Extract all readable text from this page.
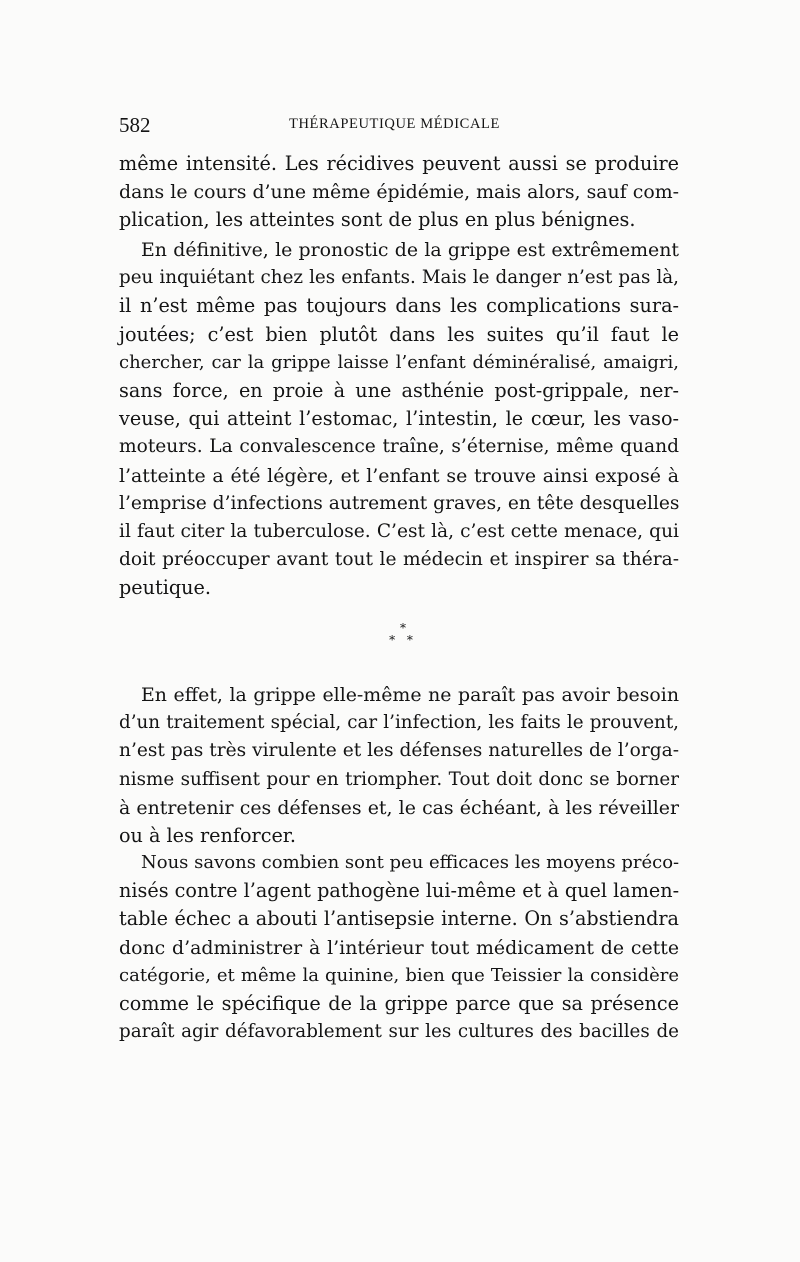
582	THÉRAPEUTIQUE MÉDICALE
même intensité. Les récidives peuvent aussi se produire
dans le cours d’une même épidémie, mais alors, sauf com-
plication, les atteintes sont de plus en plus bénignes.
En définitive, le pronostic de la grippe est extrêmement
peu inquiétant chez les enfants. Mais le danger n’est pas là,
il n’est même pas toujours dans les complications sura-
joutées; c’est bien plutôt dans les suites qu’il faut le
chercher, car la grippe laisse l’enfant déminéralisé, amaigri,
sans force, en proie à une asthénie post-grippale, ner-
veuse, qui atteint l’estomac, l’intestin, le cœur, les vaso-
moteurs. La convalescence traîne, s’éternise, même quand
l’atteinte a été légère, et l’enfant se trouve ainsi exposé à
l’emprise d’infections autrement graves, en tête desquelles
il faut citer la tuberculose. C’est là, c’est cette menace, qui
doit préoccuper avant tout le médecin et inspirer sa théra-
peutique.
*
* *
En effet, la grippe elle-même ne paraît pas avoir besoin
d’un traitement spécial, car l’infection, les faits le prouvent,
n’est pas très virulente et les défenses naturelles de l’orga-
nisme suffisent pour en triompher. Tout doit donc se borner
à entretenir ces défenses et, le cas échéant, à les réveiller
ou à les renforcer.
Nous savons combien sont peu efficaces les moyens préco-
nisés contre l’agent pathogène lui-même et à quel lamen-
table échec a abouti l’antisepsie interne. On s’abstiendra
donc d’administrer à l’intérieur tout médicament de cette
catégorie, et même la quinine, bien que Teissier la considère
comme le spécifique de la grippe parce que sa présence
paraît agir défavorablement sur les cultures des bacilles de
